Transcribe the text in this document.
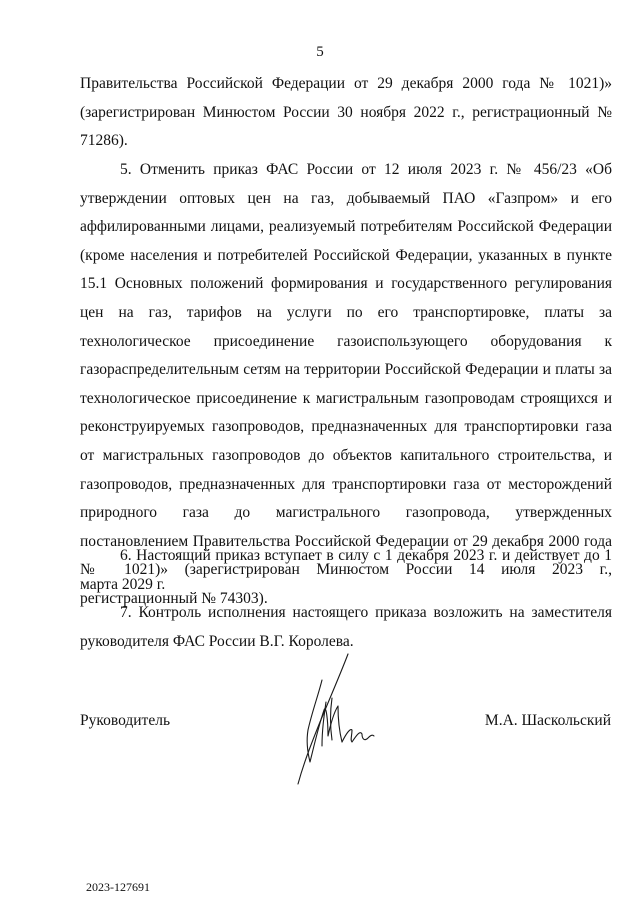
5

Правительства Российской Федерации от 29 декабря 2000 года № 1021)» (зарегистрирован Минюстом России 30 ноября 2022 г., регистрационный № 71286).

5. Отменить приказ ФАС России от 12 июля 2023 г. № 456/23 «Об утверждении оптовых цен на газ, добываемый ПАО «Газпром» и его аффилированными лицами, реализуемый потребителям Российской Федерации (кроме населения и потребителей Российской Федерации, указанных в пункте 15.1 Основных положений формирования и государственного регулирования цен на газ, тарифов на услуги по его транспортировке, платы за технологическое присоединение газоиспользующего оборудования к газораспределительным сетям на территории Российской Федерации и платы за технологическое присоединение к магистральным газопроводам строящихся и реконструируемых газопроводов, предназначенных для транспортировки газа от магистральных газопроводов до объектов капитального строительства, и газопроводов, предназначенных для транспортировки газа от месторождений природного газа до магистрального газопровода, утвержденных постановлением Правительства Российской Федерации от 29 декабря 2000 года № 1021)» (зарегистрирован Минюстом России 14 июля 2023 г., регистрационный № 74303).

6. Настоящий приказ вступает в силу с 1 декабря 2023 г. и действует до 1 марта 2029 г.

7. Контроль исполнения настоящего приказа возложить на заместителя руководителя ФАС России В.Г. Королева.

Руководитель	М.А. Шаскольский
2023-127691
